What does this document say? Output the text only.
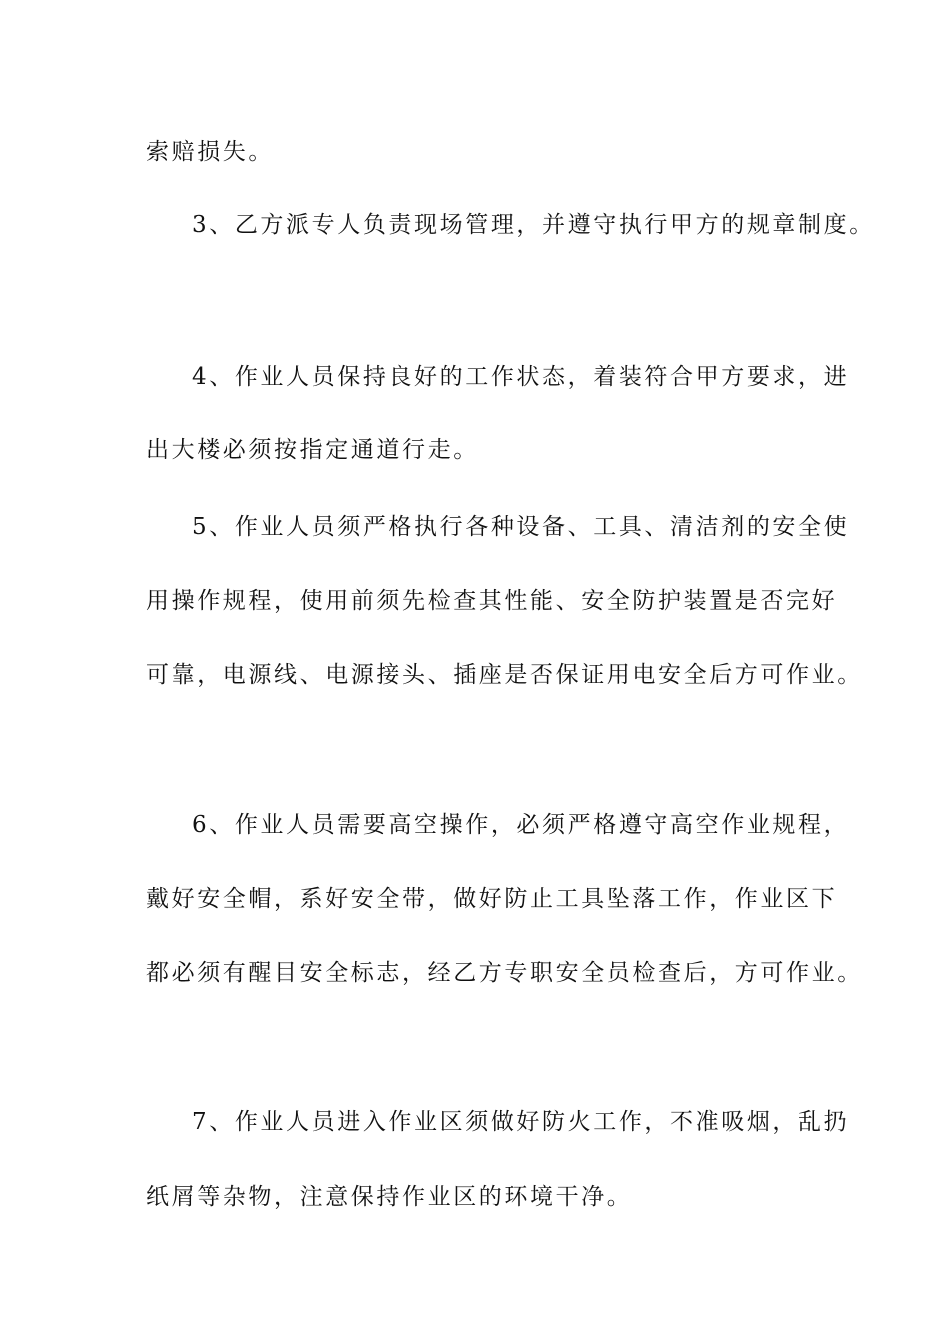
索赔损失。
3、乙方派专人负责现场管理，并遵守执行甲方的规章制度。
4、作业人员保持良好的工作状态，着装符合甲方要求，进
出大楼必须按指定通道行走。
5、作业人员须严格执行各种设备、工具、清洁剂的安全使
用操作规程，使用前须先检查其性能、安全防护装置是否完好
可靠，电源线、电源接头、插座是否保证用电安全后方可作业。
6、作业人员需要高空操作，必须严格遵守高空作业规程，
戴好安全帽，系好安全带，做好防止工具坠落工作，作业区下
都必须有醒目安全标志，经乙方专职安全员检查后，方可作业。
7、作业人员进入作业区须做好防火工作，不准吸烟，乱扔
纸屑等杂物，注意保持作业区的环境干净。
